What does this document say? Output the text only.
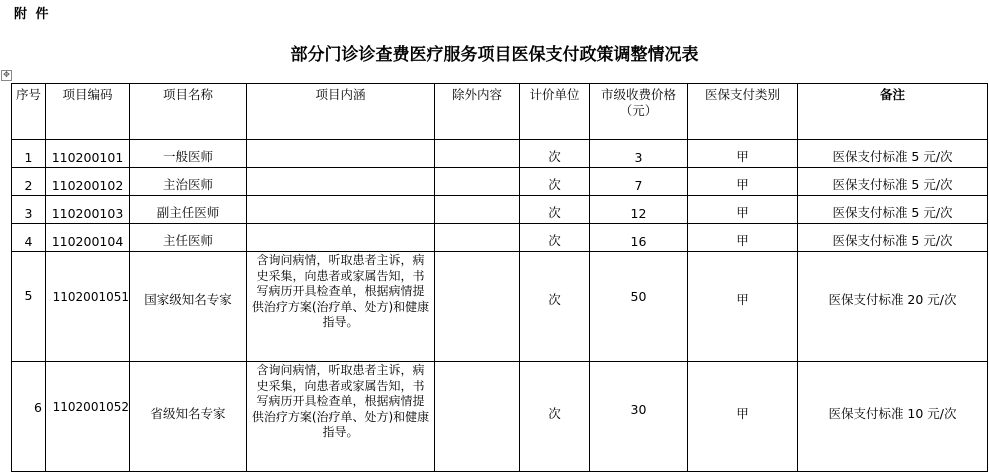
附 件
部分门诊诊查费医疗服务项目医保支付政策调整情况表
✥
序号	项目编码	项目名称	项目内涵	除外内容	计价单位	市级收费价格（元）	医保支付类别	备注
1	110200101	一般医师			次	3	甲	医保支付标准 5 元/次
2	110200102	主治医师			次	7	甲	医保支付标准 5 元/次
3	110200103	副主任医师			次	12	甲	医保支付标准 5 元/次
4	110200104	主任医师			次	16	甲	医保支付标准 5 元/次
5	1102001051	国家级知名专家	含询问病情，听取患者主诉，病史采集，向患者或家属告知，书写病历开具检查单，根据病情提供治疗方案(治疗单、处方)和健康指导。		次	50	甲	医保支付标准 20 元/次
6	1102001052	省级知名专家	含询问病情，听取患者主诉，病史采集，向患者或家属告知，书写病历开具检查单，根据病情提供治疗方案(治疗单、处方)和健康指导。		次	30	甲	医保支付标准 10 元/次
